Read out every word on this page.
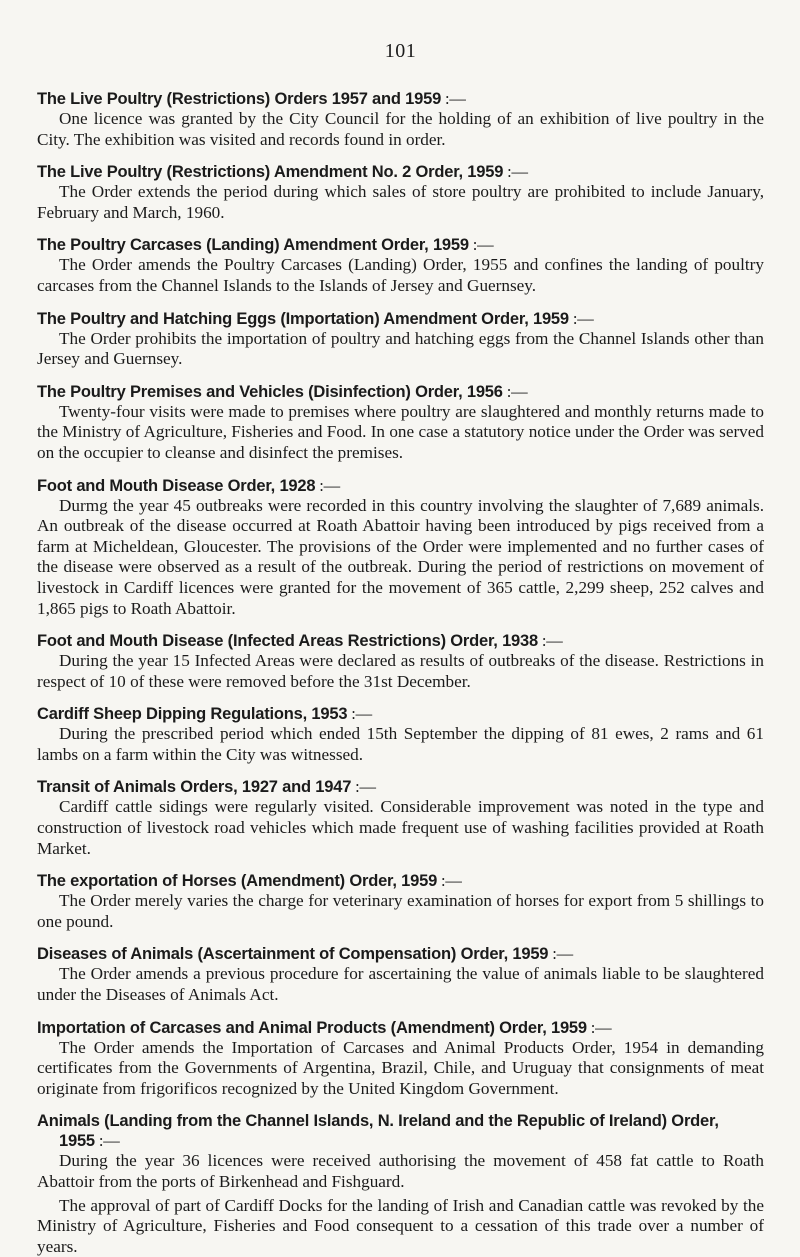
101
The Live Poultry (Restrictions) Orders 1957 and 1959 :—

One licence was granted by the City Council for the holding of an exhibition of live poultry in the City. The exhibition was visited and records found in order.

The Live Poultry (Restrictions) Amendment No. 2 Order, 1959 :—

The Order extends the period during which sales of store poultry are prohibited to include January, February and March, 1960.

The Poultry Carcases (Landing) Amendment Order, 1959 :—

The Order amends the Poultry Carcases (Landing) Order, 1955 and confines the landing of poultry carcases from the Channel Islands to the Islands of Jersey and Guernsey.

The Poultry and Hatching Eggs (Importation) Amendment Order, 1959 :—

The Order prohibits the importation of poultry and hatching eggs from the Channel Islands other than Jersey and Guernsey.

The Poultry Premises and Vehicles (Disinfection) Order, 1956 :—

Twenty-four visits were made to premises where poultry are slaughtered and monthly returns made to the Ministry of Agriculture, Fisheries and Food. In one case a statutory notice under the Order was served on the occupier to cleanse and disinfect the premises.

Foot and Mouth Disease Order, 1928 :—

Durmg the year 45 outbreaks were recorded in this country involving the slaughter of 7,689 animals. An outbreak of the disease occurred at Roath Abattoir having been introduced by pigs received from a farm at Micheldean, Gloucester. The provisions of the Order were implemented and no further cases of the disease were observed as a result of the outbreak. During the period of restrictions on movement of livestock in Cardiff licences were granted for the movement of 365 cattle, 2,299 sheep, 252 calves and 1,865 pigs to Roath Abattoir.

Foot and Mouth Disease (Infected Areas Restrictions) Order, 1938 :—

During the year 15 Infected Areas were declared as results of outbreaks of the disease. Restrictions in respect of 10 of these were removed before the 31st December.

Cardiff Sheep Dipping Regulations, 1953 :—

During the prescribed period which ended 15th September the dipping of 81 ewes, 2 rams and 61 lambs on a farm within the City was witnessed.

Transit of Animals Orders, 1927 and 1947 :—

Cardiff cattle sidings were regularly visited. Considerable improvement was noted in the type and construction of livestock road vehicles which made frequent use of washing facilities provided at Roath Market.

The exportation of Horses (Amendment) Order, 1959 :—

The Order merely varies the charge for veterinary examination of horses for export from 5 shillings to one pound.

Diseases of Animals (Ascertainment of Compensation) Order, 1959 :—

The Order amends a previous procedure for ascertaining the value of animals liable to be slaughtered under the Diseases of Animals Act.

Importation of Carcases and Animal Products (Amendment) Order, 1959 :—

The Order amends the Importation of Carcases and Animal Products Order, 1954 in demanding certificates from the Governments of Argentina, Brazil, Chile, and Uruguay that consignments of meat originate from frigorificos recognized by the United Kingdom Government.

Animals (Landing from the Channel Islands, N. Ireland and the Republic of Ireland) Order,
1955 :—

During the year 36 licences were received authorising the movement of 458 fat cattle to Roath Abattoir from the ports of Birkenhead and Fishguard.

The approval of part of Cardiff Docks for the landing of Irish and Canadian cattle was revoked by the Ministry of Agriculture, Fisheries and Food consequent to a cessation of this trade over a number of years.
